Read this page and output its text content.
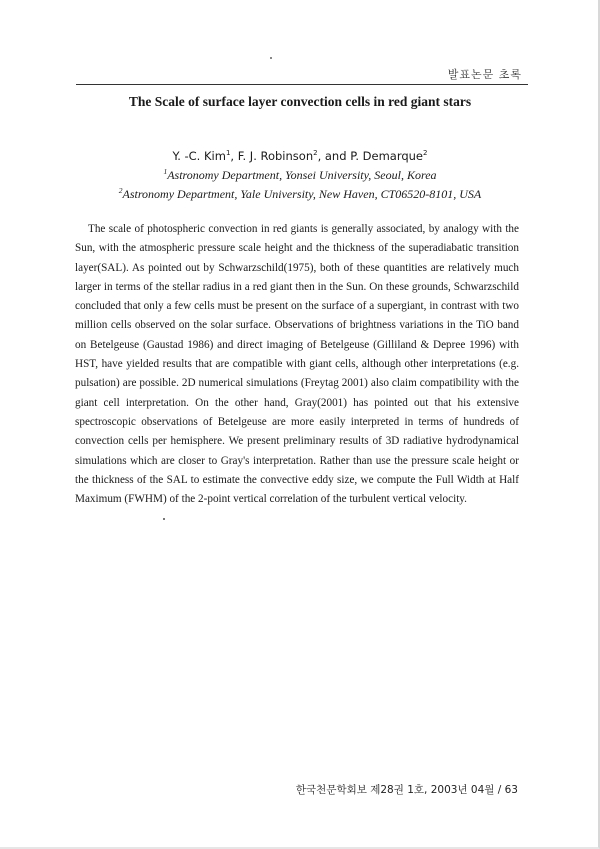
발표논문 초록
The Scale of surface layer convection cells in red giant stars
Y. -C. Kim$^1$, F. J. Robinson$^2$, and P. Demarque$^2$
$^1$Astronomy Department, Yonsei University, Seoul, Korea
$^2$Astronomy Department, Yale University, New Haven, CT06520-8101, USA

The scale of photospheric convection in red giants is generally associated, by analogy with the Sun, with the atmospheric pressure scale height and the thickness of the superadiabatic transition layer(SAL). As pointed out by Schwarzschild(1975), both of these quantities are relatively much larger in terms of the stellar radius in a red giant then in the Sun. On these grounds, Schwarzschild concluded that only a few cells must be present on the surface of a supergiant, in contrast with two million cells observed on the solar surface. Observations of brightness variations in the TiO band on Betelgeuse (Gaustad 1986) and direct imaging of Betelgeuse (Gilliland & Depree 1996) with HST, have yielded results that are compatible with giant cells, although other interpretations (e.g. pulsation) are possible. 2D numerical simulations (Freytag 2001) also claim compatibility with the giant cell interpretation. On the other hand, Gray(2001) has pointed out that his extensive spectroscopic observations of Betelgeuse are more easily interpreted in terms of hundreds of convection cells per hemisphere. We present preliminary results of 3D radiative hydrodynamical simulations which are closer to Gray's interpretation. Rather than use the pressure scale height or the thickness of the SAL to estimate the convective eddy size, we compute the Full Width at Half Maximum (FWHM) of the 2-point vertical correlation of the turbulent vertical velocity.

한국천문학회보 제28권 1호, 2003년 04월 / 63
